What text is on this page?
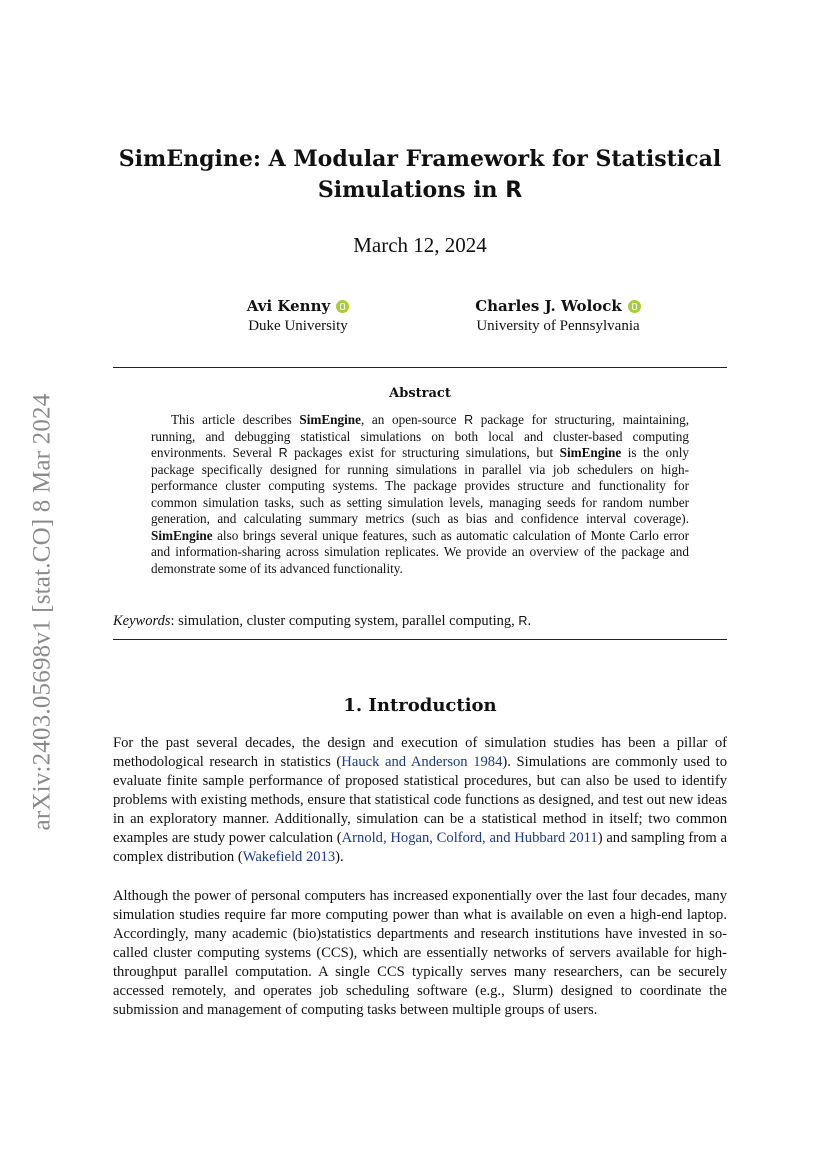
arXiv:2403.05698v1 [stat.CO] 8 Mar 2024
SimEngine: A Modular Framework for Statistical
Simulations in R
March 12, 2024
Avi Kenny
Duke University
Charles J. Wolock
University of Pennsylvania
Abstract

This article describes SimEngine, an open-source R package for structuring, maintaining, running, and debugging statistical simulations on both local and cluster-based computing environments. Several R packages exist for structuring simulations, but SimEngine is the only package specifically designed for running simulations in parallel via job schedulers on high-performance cluster computing systems. The package provides structure and functionality for common simulation tasks, such as setting simulation levels, managing seeds for random number generation, and calculating summary metrics (such as bias and confidence interval coverage). SimEngine also brings several unique features, such as automatic calculation of Monte Carlo error and information-sharing across simulation replicates. We provide an overview of the package and demonstrate some of its advanced functionality.

Keywords: simulation, cluster computing system, parallel computing, R.
1. Introduction

For the past several decades, the design and execution of simulation studies has been a pillar of methodological research in statistics (Hauck and Anderson 1984). Simulations are commonly used to evaluate finite sample performance of proposed statistical procedures, but can also be used to identify problems with existing methods, ensure that statistical code functions as designed, and test out new ideas in an exploratory manner. Additionally, simulation can be a statistical method in itself; two common examples are study power calculation (Arnold, Hogan, Colford, and Hubbard 2011) and sampling from a complex distribution (Wakefield 2013).

Although the power of personal computers has increased exponentially over the last four decades, many simulation studies require far more computing power than what is available on even a high-end laptop. Accordingly, many academic (bio)statistics departments and research institutions have invested in so-called cluster computing systems (CCS), which are essentially networks of servers available for high-throughput parallel computation. A single CCS typically serves many researchers, can be securely accessed remotely, and operates job scheduling software (e.g., Slurm) designed to coordinate the submission and management of computing tasks between multiple groups of users.
